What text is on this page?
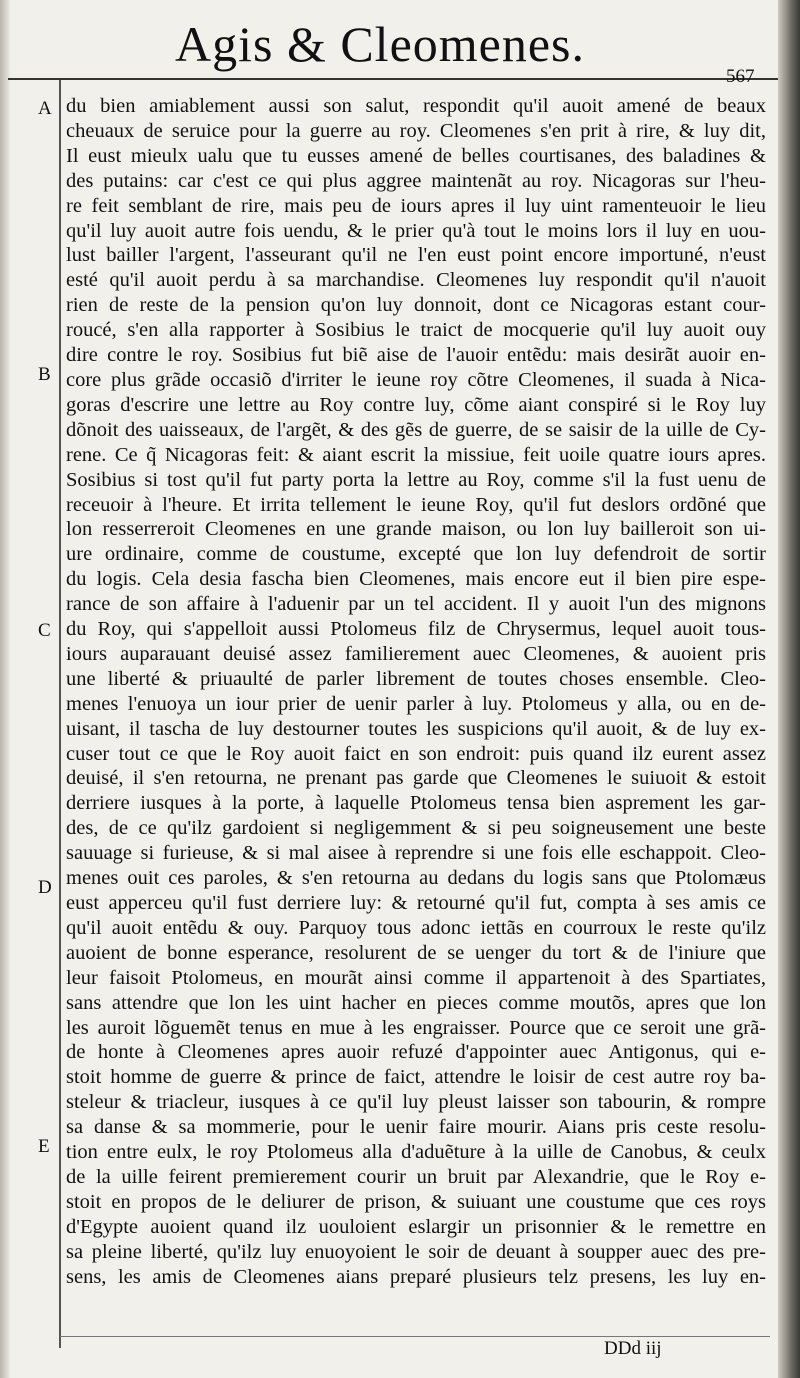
Agis & Cleomenes.
567
A
B
C
D
E
du bien amiablement aussi son salut, respondit qu'il auoit amené de beaux
cheuaux de seruice pour la guerre au roy. Cleomenes s'en prit à rire, & luy dit,
Il eust mieulx ualu que tu eusses amené de belles courtisanes, des baladines &
des putains: car c'est ce qui plus aggree maintenãt au roy. Nicagoras sur l'heu-
re feit semblant de rire, mais peu de iours apres il luy uint ramenteuoir le lieu
qu'il luy auoit autre fois uendu, & le prier qu'à tout le moins lors il luy en uou-
lust bailler l'argent, l'asseurant qu'il ne l'en eust point encore importuné, n'eust
esté qu'il auoit perdu à sa marchandise. Cleomenes luy respondit qu'il n'auoit
rien de reste de la pension qu'on luy donnoit, dont ce Nicagoras estant cour-
roucé, s'en alla rapporter à Sosibius le traict de mocquerie qu'il luy auoit ouy
dire contre le roy. Sosibius fut biẽ aise de l'auoir entẽdu: mais desirãt auoir en-
core plus grãde occasiõ d'irriter le ieune roy cõtre Cleomenes, il suada à Nica-
goras d'escrire une lettre au Roy contre luy, cõme aiant conspiré si le Roy luy
dõnoit des uaisseaux, de l'argẽt, & des gẽs de guerre, de se saisir de la uille de Cy-
rene. Ce q̃ Nicagoras feit: & aiant escrit la missiue, feit uoile quatre iours apres.
Sosibius si tost qu'il fut party porta la lettre au Roy, comme s'il la fust uenu de
receuoir à l'heure. Et irrita tellement le ieune Roy, qu'il fut deslors ordõné que
lon resserreroit Cleomenes en une grande maison, ou lon luy bailleroit son ui-
ure ordinaire, comme de coustume, excepté que lon luy defendroit de sortir
du logis. Cela desia fascha bien Cleomenes, mais encore eut il bien pire espe-
rance de son affaire à l'aduenir par un tel accident. Il y auoit l'un des mignons
du Roy, qui s'appelloit aussi Ptolomeus filz de Chrysermus, lequel auoit tous-
iours auparauant deuisé assez familierement auec Cleomenes, & auoient pris
une liberté & priuaulté de parler librement de toutes choses ensemble. Cleo-
menes l'enuoya un iour prier de uenir parler à luy. Ptolomeus y alla, ou en de-
uisant, il tascha de luy destourner toutes les suspicions qu'il auoit, & de luy ex-
cuser tout ce que le Roy auoit faict en son endroit: puis quand ilz eurent assez
deuisé, il s'en retourna, ne prenant pas garde que Cleomenes le suiuoit & estoit
derriere iusques à la porte, à laquelle Ptolomeus tensa bien asprement les gar-
des, de ce qu'ilz gardoient si negligemment & si peu soigneusement une beste
sauuage si furieuse, & si mal aisee à reprendre si une fois elle eschappoit. Cleo-
menes ouit ces paroles, & s'en retourna au dedans du logis sans que Ptolomæus
eust apperceu qu'il fust derriere luy: & retourné qu'il fut, compta à ses amis ce
qu'il auoit entẽdu & ouy. Parquoy tous adonc iettãs en courroux le reste qu'ilz
auoient de bonne esperance, resolurent de se uenger du tort & de l'iniure que
leur faisoit Ptolomeus, en mourãt ainsi comme il appartenoit à des Spartiates,
sans attendre que lon les uint hacher en pieces comme moutõs, apres que lon
les auroit lõguemẽt tenus en mue à les engraisser. Pource que ce seroit une grã-
de honte à Cleomenes apres auoir refuzé d'appointer auec Antigonus, qui e-
stoit homme de guerre & prince de faict, attendre le loisir de cest autre roy ba-
steleur & triacleur, iusques à ce qu'il luy pleust laisser son tabourin, & rompre
sa danse & sa mommerie, pour le uenir faire mourir. Aians pris ceste resolu-
tion entre eulx, le roy Ptolomeus alla d'aduẽture à la uille de Canobus, & ceulx
de la uille feirent premierement courir un bruit par Alexandrie, que le Roy e-
stoit en propos de le deliurer de prison, & suiuant une coustume que ces roys
d'Egypte auoient quand ilz uouloient eslargir un prisonnier & le remettre en
sa pleine liberté, qu'ilz luy enuoyoient le soir de deuant à soupper auec des pre-
sens, les amis de Cleomenes aians preparé plusieurs telz presens, les luy en-
DDd iij
